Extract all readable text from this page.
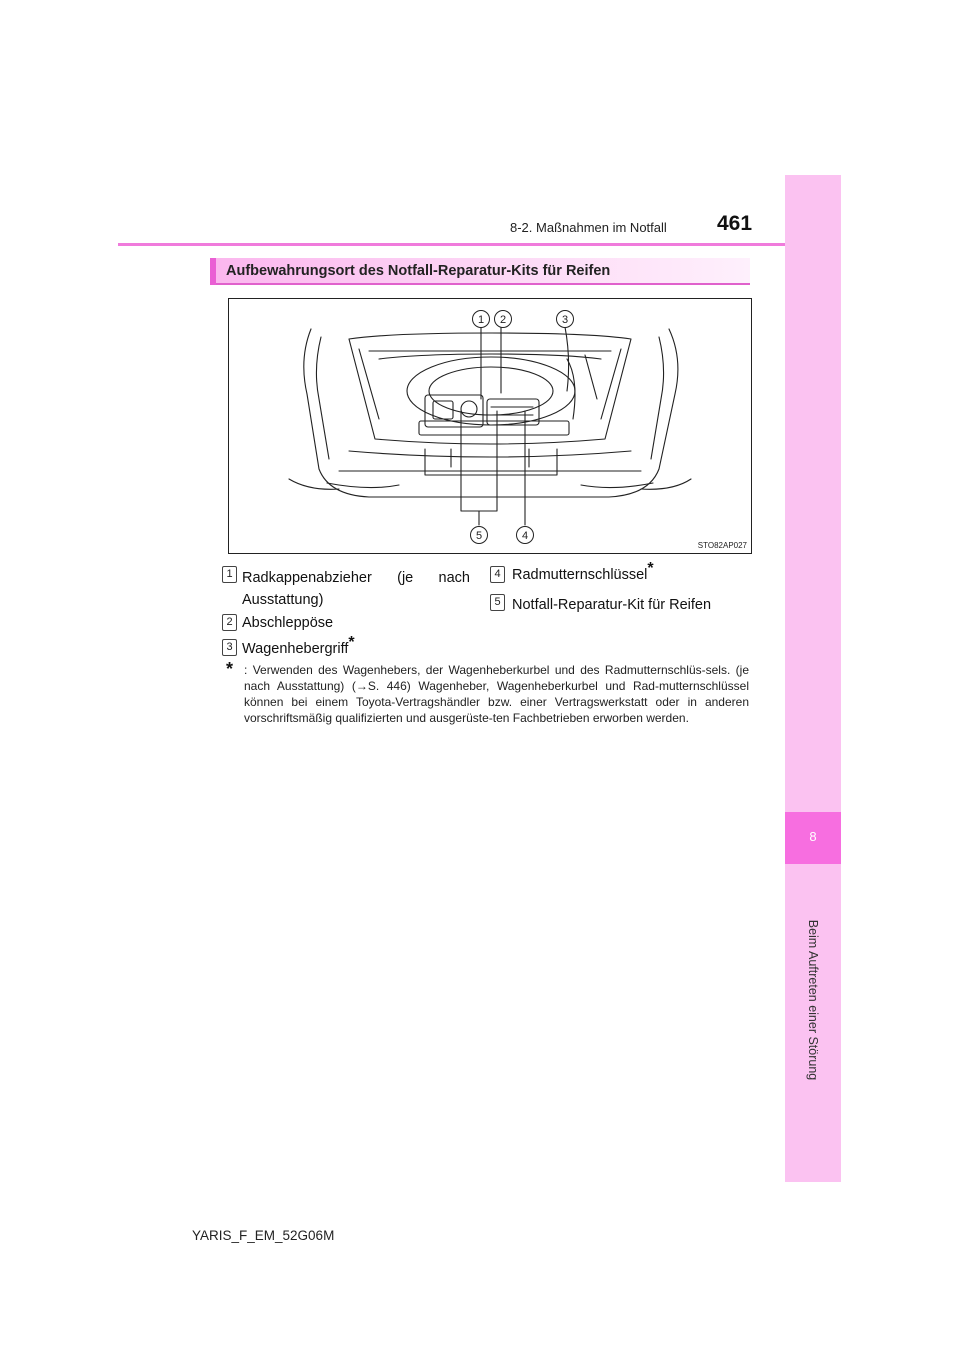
8-2. Maßnahmen im Notfall 461
8
Beim Auftreten einer Störung
Aufbewahrungsort des Notfall-Reparatur-Kits für Reifen
1 2	3
5	4
STO82AP027
1 Radkappenabzieher (je nach Ausstattung)
2 Abschleppöse
3 Wagenhebergriff*
4 Radmutternschlüssel*
5 Notfall-Reparatur-Kit für Reifen
* : Verwenden des Wagenhebers, der Wagenheberkurbel und des Radmutternschlüs-sels. (je nach Ausstattung) (→S. 446) Wagenheber, Wagenheberkurbel und Rad-mutternschlüssel können bei einem Toyota-Vertragshändler bzw. einer Vertragswerkstatt oder in anderen vorschriftsmäßig qualifizierten und ausgerüste-ten Fachbetrieben erworben werden.
YARIS_F_EM_52G06M
